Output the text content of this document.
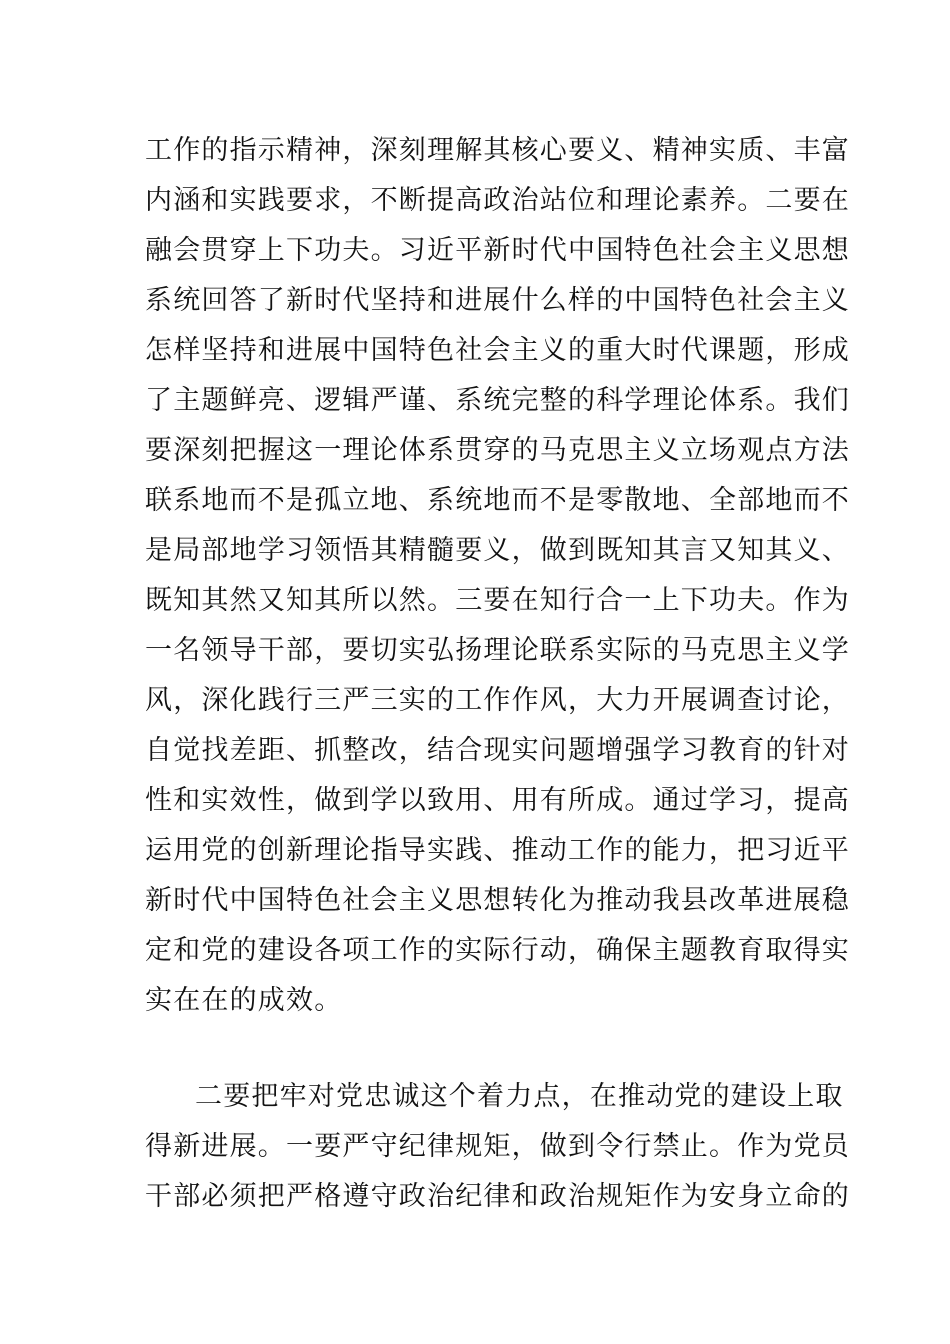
工作的指示精神，深刻理解其核心要义、精神实质、丰富
内涵和实践要求，不断提高政治站位和理论素养。二要在
融会贯穿上下功夫。习近平新时代中国特色社会主义思想
系统回答了新时代坚持和进展什么样的中国特色社会主义
怎样坚持和进展中国特色社会主义的重大时代课题，形成
了主题鲜亮、逻辑严谨、系统完整的科学理论体系。我们
要深刻把握这一理论体系贯穿的马克思主义立场观点方法
联系地而不是孤立地、系统地而不是零散地、全部地而不
是局部地学习领悟其精髓要义，做到既知其言又知其义、
既知其然又知其所以然。三要在知行合一上下功夫。作为
一名领导干部，要切实弘扬理论联系实际的马克思主义学
风，深化践行三严三实的工作作风，大力开展调查讨论，
自觉找差距、抓整改，结合现实问题增强学习教育的针对
性和实效性，做到学以致用、用有所成。通过学习，提高
运用党的创新理论指导实践、推动工作的能力，把习近平
新时代中国特色社会主义思想转化为推动我县改革进展稳
定和党的建设各项工作的实际行动，确保主题教育取得实
实在在的成效。
二要把牢对党忠诚这个着力点，在推动党的建设上取
得新进展。一要严守纪律规矩，做到令行禁止。作为党员
干部必须把严格遵守政治纪律和政治规矩作为安身立命的
